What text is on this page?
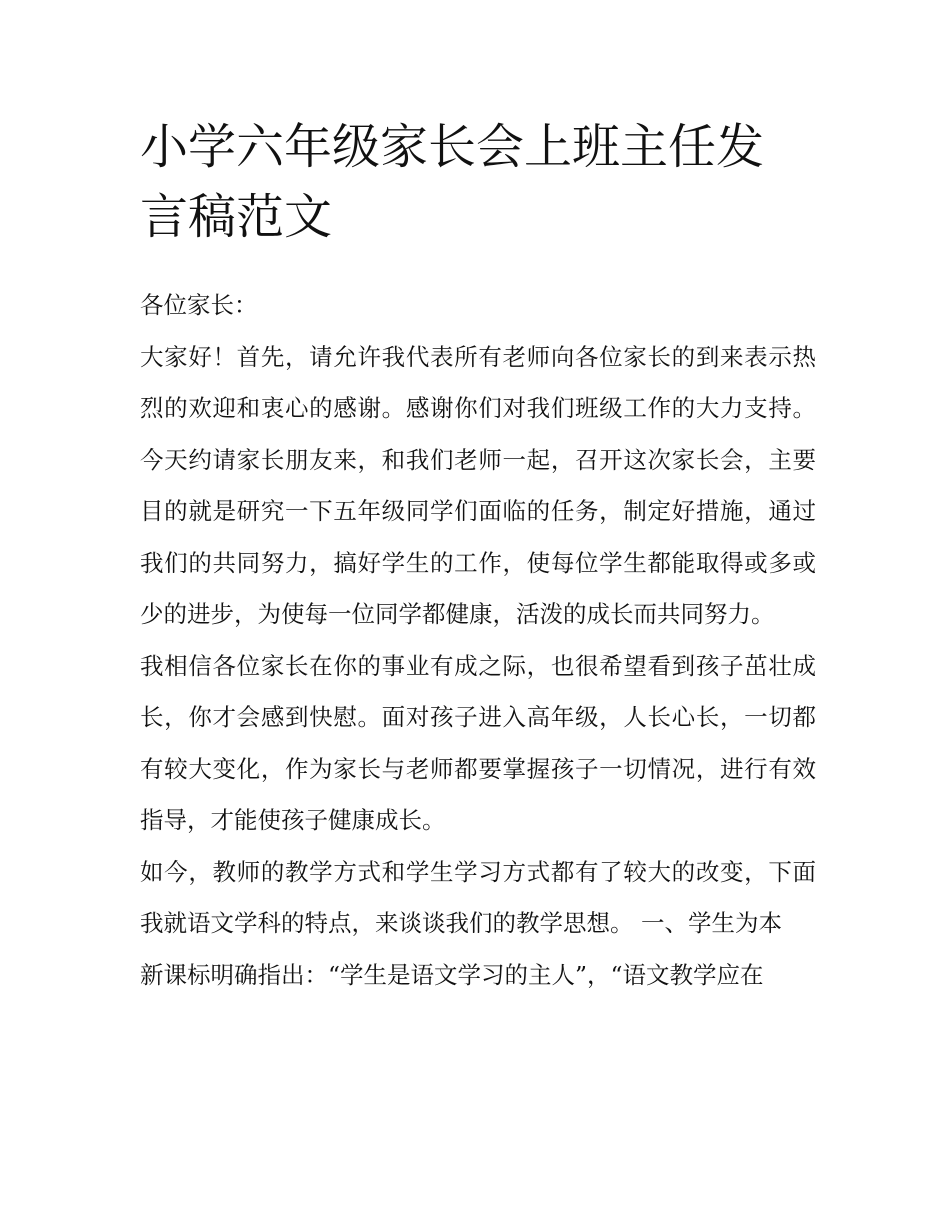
小学六年级家长会上班主任发言稿范文

各位家长：

大家好！首先，请允许我代表所有老师向各位家长的到来表示热烈的欢迎和衷心的感谢。感谢你们对我们班级工作的大力支持。今天约请家长朋友来，和我们老师一起，召开这次家长会，主要目的就是研究一下五年级同学们面临的任务，制定好措施，通过我们的共同努力，搞好学生的工作，使每位学生都能取得或多或少的进步，为使每一位同学都健康，活泼的成长而共同努力。

我相信各位家长在你的事业有成之际，也很希望看到孩子茁壮成长，你才会感到快慰。面对孩子进入高年级，人长心长，一切都有较大变化，作为家长与老师都要掌握孩子一切情况，进行有效指导，才能使孩子健康成长。

如今，教师的教学方式和学生学习方式都有了较大的改变，下面我就语文学科的特点，来谈谈我们的教学思想。 一、学生为本

新课标明确指出：“学生是语文学习的主人”，“语文教学应在
